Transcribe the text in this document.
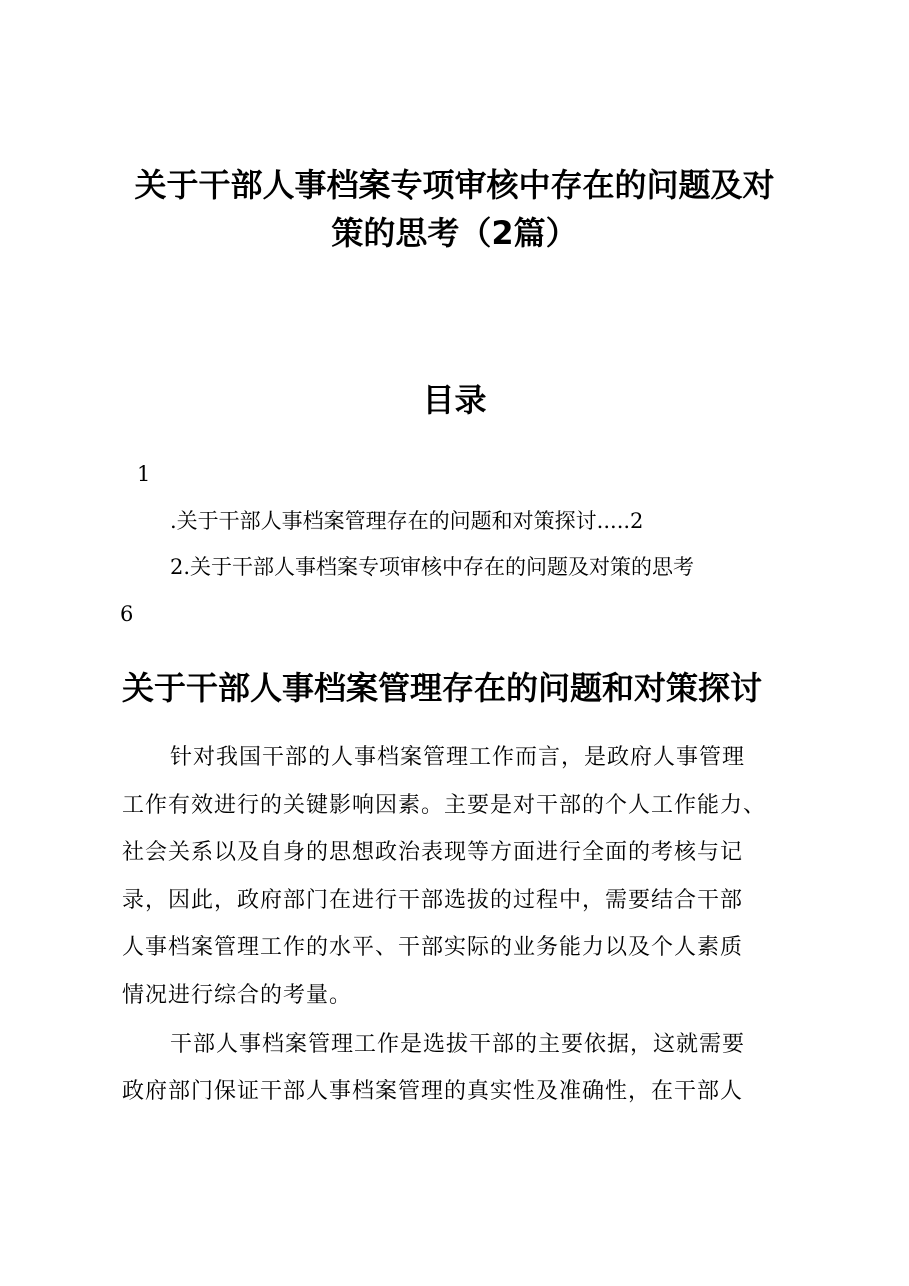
关于干部人事档案专项审核中存在的问题及对
策的思考（2篇）
目录
1
.关于干部人事档案管理存在的问题和对策探讨.....2
2.关于干部人事档案专项审核中存在的问题及对策的思考
6
关于干部人事档案管理存在的问题和对策探讨
针对我国干部的人事档案管理工作而言，是政府人事管理
工作有效进行的关键影响因素。主要是对干部的个人工作能力、
社会关系以及自身的思想政治表现等方面进行全面的考核与记
录，因此，政府部门在进行干部选拔的过程中，需要结合干部
人事档案管理工作的水平、干部实际的业务能力以及个人素质
情况进行综合的考量。
干部人事档案管理工作是选拔干部的主要依据，这就需要
政府部门保证干部人事档案管理的真实性及准确性，在干部人
